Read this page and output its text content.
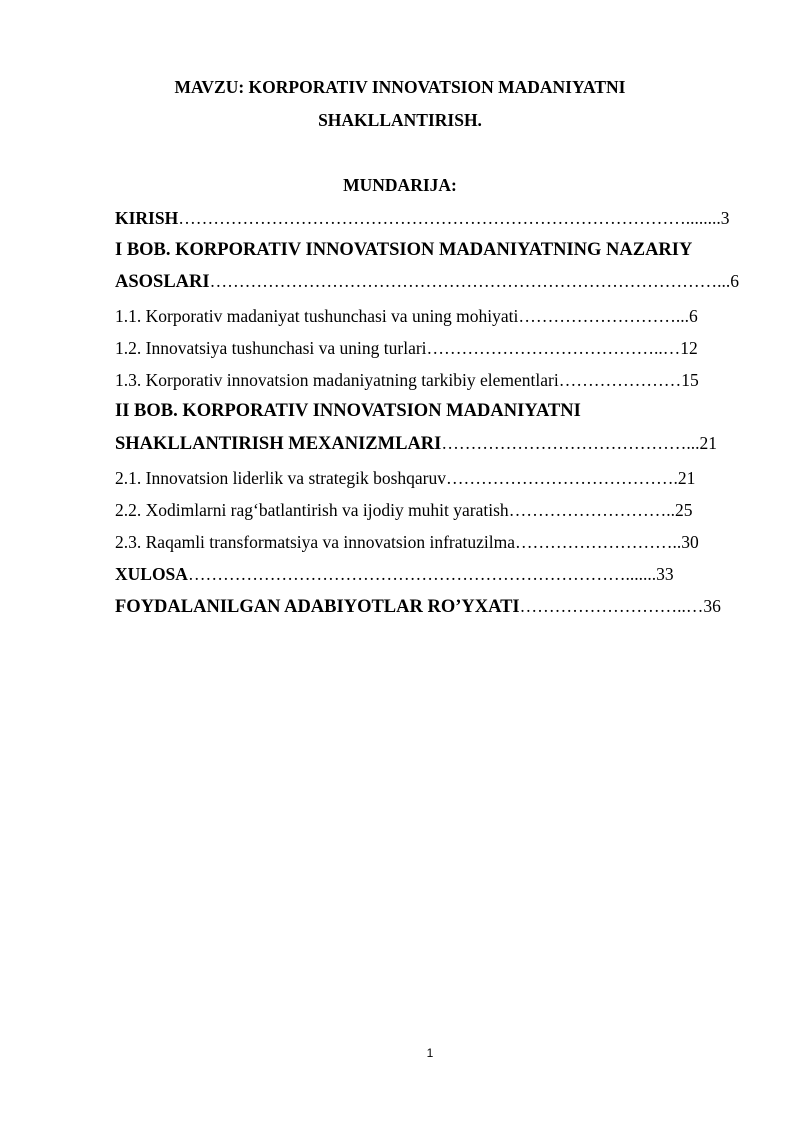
MAVZU: KORPORATIV INNOVATSION MADANIYATNI
SHAKLLANTIRISH.
MUNDARIJA:
KIRISH……………………………………………………………………………........3
I BOB. KORPORATIV INNOVATSION MADANIYATNING NAZARIY
ASOSLARI……………………………………………………………………………...6
1.1. Korporativ madaniyat tushunchasi va uning mohiyati………………………...6
1.2. Innovatsiya tushunchasi va uning turlari…………………………………..…12
1.3. Korporativ innovatsion madaniyatning tarkibiy elementlari…………………15
II BOB. KORPORATIV INNOVATSION MADANIYATNI
SHAKLLANTIRISH MEXANIZMLARI……………………………………...21
2.1. Innovatsion liderlik va strategik boshqaruv………………………………….21
2.2. Xodimlarni rag‘batlantirish va ijodiy muhit yaratish………………………..25
2.3. Raqamli transformatsiya va innovatsion infratuzilma………………………..30
XULOSA………………………………………………………………….......33
FOYDALANILGAN ADABIYOTLAR RO’YXATI………………………..…36
1
